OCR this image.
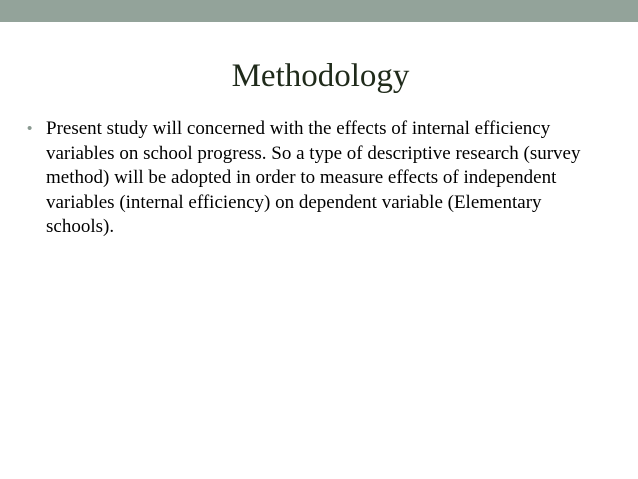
Methodology
• Present study will concerned with the effects of internal efficiency variables on school progress. So a type of descriptive research (survey method) will be adopted in order to measure effects of independent variables (internal efficiency) on dependent variable (Elementary schools).
